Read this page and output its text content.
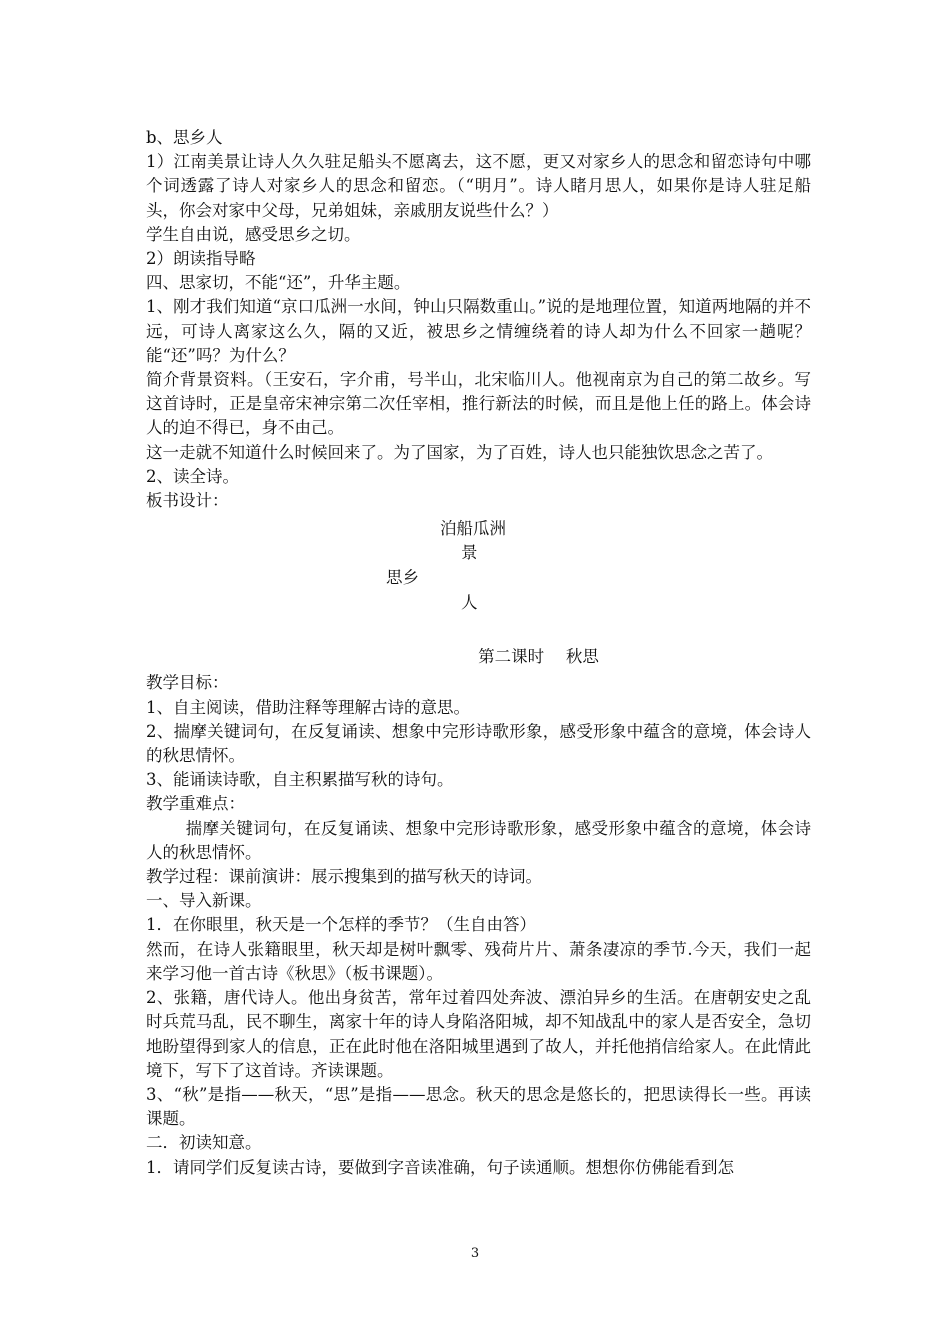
b、思乡人

1）江南美景让诗人久久驻足船头不愿离去，这不愿，更又对家乡人的思念和留恋诗句中哪个词透露了诗人对家乡人的思念和留恋。（“明月”。诗人睹月思人，如果你是诗人驻足船头，你会对家中父母，兄弟姐妹，亲戚朋友说些什么？）

学生自由说，感受思乡之切。

2）朗读指导略

四、思家切，不能“还”，升华主题。

1、刚才我们知道“京口瓜洲一水间，钟山只隔数重山。”说的是地理位置，知道两地隔的并不远，可诗人离家这么久，隔的又近，被思乡之情缠绕着的诗人却为什么不回家一趟呢？能“还”吗？为什么？

简介背景资料。（王安石，字介甫，号半山，北宋临川人。他视南京为自己的第二故乡。写这首诗时，正是皇帝宋神宗第二次任宰相，推行新法的时候，而且是他上任的路上。体会诗人的迫不得已，身不由己。

这一走就不知道什么时候回来了。为了国家，为了百姓，诗人也只能独饮思念之苦了。

2、读全诗。

板书设计：

泊船瓜洲
景
思乡
人

第二课时　 秋思

教学目标：

1、自主阅读，借助注释等理解古诗的意思。

2、揣摩关键词句，在反复诵读、想象中完形诗歌形象，感受形象中蕴含的意境，体会诗人的秋思情怀。

3、能诵读诗歌，自主积累描写秋的诗句。

教学重难点：

揣摩关键词句，在反复诵读、想象中完形诗歌形象，感受形象中蕴含的意境，体会诗人的秋思情怀。

教学过程：课前演讲：展示搜集到的描写秋天的诗词。

一、导入新课。

1．在你眼里，秋天是一个怎样的季节？（生自由答）

然而，在诗人张籍眼里，秋天却是树叶飘零、残荷片片、萧条凄凉的季节.今天，我们一起来学习他一首古诗《秋思》（板书课题）。

2、张籍，唐代诗人。他出身贫苦，常年过着四处奔波、漂泊异乡的生活。在唐朝安史之乱时兵荒马乱，民不聊生，离家十年的诗人身陷洛阳城，却不知战乱中的家人是否安全，急切地盼望得到家人的信息，正在此时他在洛阳城里遇到了故人，并托他捎信给家人。在此情此境下，写下了这首诗。齐读课题。

3、“秋”是指——秋天，“思”是指——思念。秋天的思念是悠长的，把思读得长一些。再读课题。

二．初读知意。

1．请同学们反复读古诗，要做到字音读准确，句子读通顺。想想你仿佛能看到怎

3
